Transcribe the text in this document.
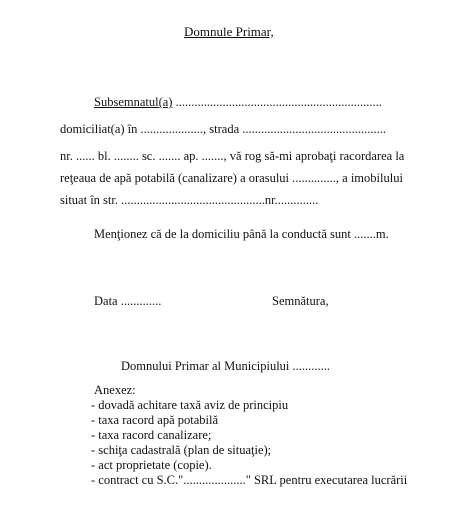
Domnule Primar,
Subsemnatul(a) ..................................................................
domiciliat(a) în ...................., strada ..............................................
nr. ...... bl. ........ sc. ....... ap. ......., vă rog să-mi aprobaţi racordarea la
reţeaua de apă potabilă (canalizare) a orasului .............., a imobilului
situat în str. ..............................................nr..............
Menţionez că de la domiciliu până la conductă sunt .......m.
Data .............	Semnătura,
Domnului Primar al Municipiului ............
Anexez:
- dovadă achitare taxă aviz de principiu
- taxa racord apă potabilă
- taxa racord canalizare;
- schiţa cadastrală (plan de situaţie);
- act proprietate (copie).
- contract cu S.C."...................." SRL pentru executarea lucrării
